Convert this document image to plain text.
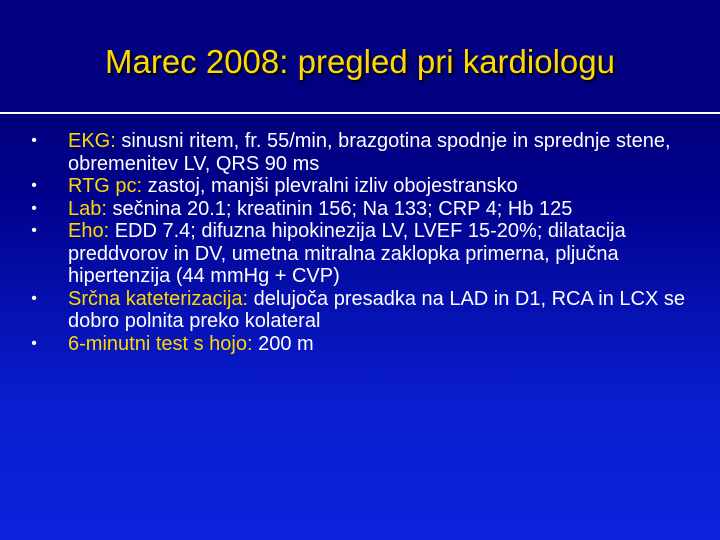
Marec 2008: pregled pri kardiologu
• EKG: sinusni ritem, fr. 55/min, brazgotina spodnje in sprednje stene, obremenitev LV, QRS 90 ms
• RTG pc: zastoj, manjši plevralni izliv obojestransko
• Lab: sečnina 20.1; kreatinin 156; Na 133; CRP 4; Hb 125
• Eho: EDD 7.4; difuzna hipokinezija LV, LVEF 15-20%; dilatacija preddvorov in DV, umetna mitralna zaklopka primerna, pljučna hipertenzija (44 mmHg + CVP)
• Srčna kateterizacija: delujoča presadka na LAD in D1, RCA in LCX se dobro polnita preko kolateral
• 6-minutni test s hojo: 200 m
